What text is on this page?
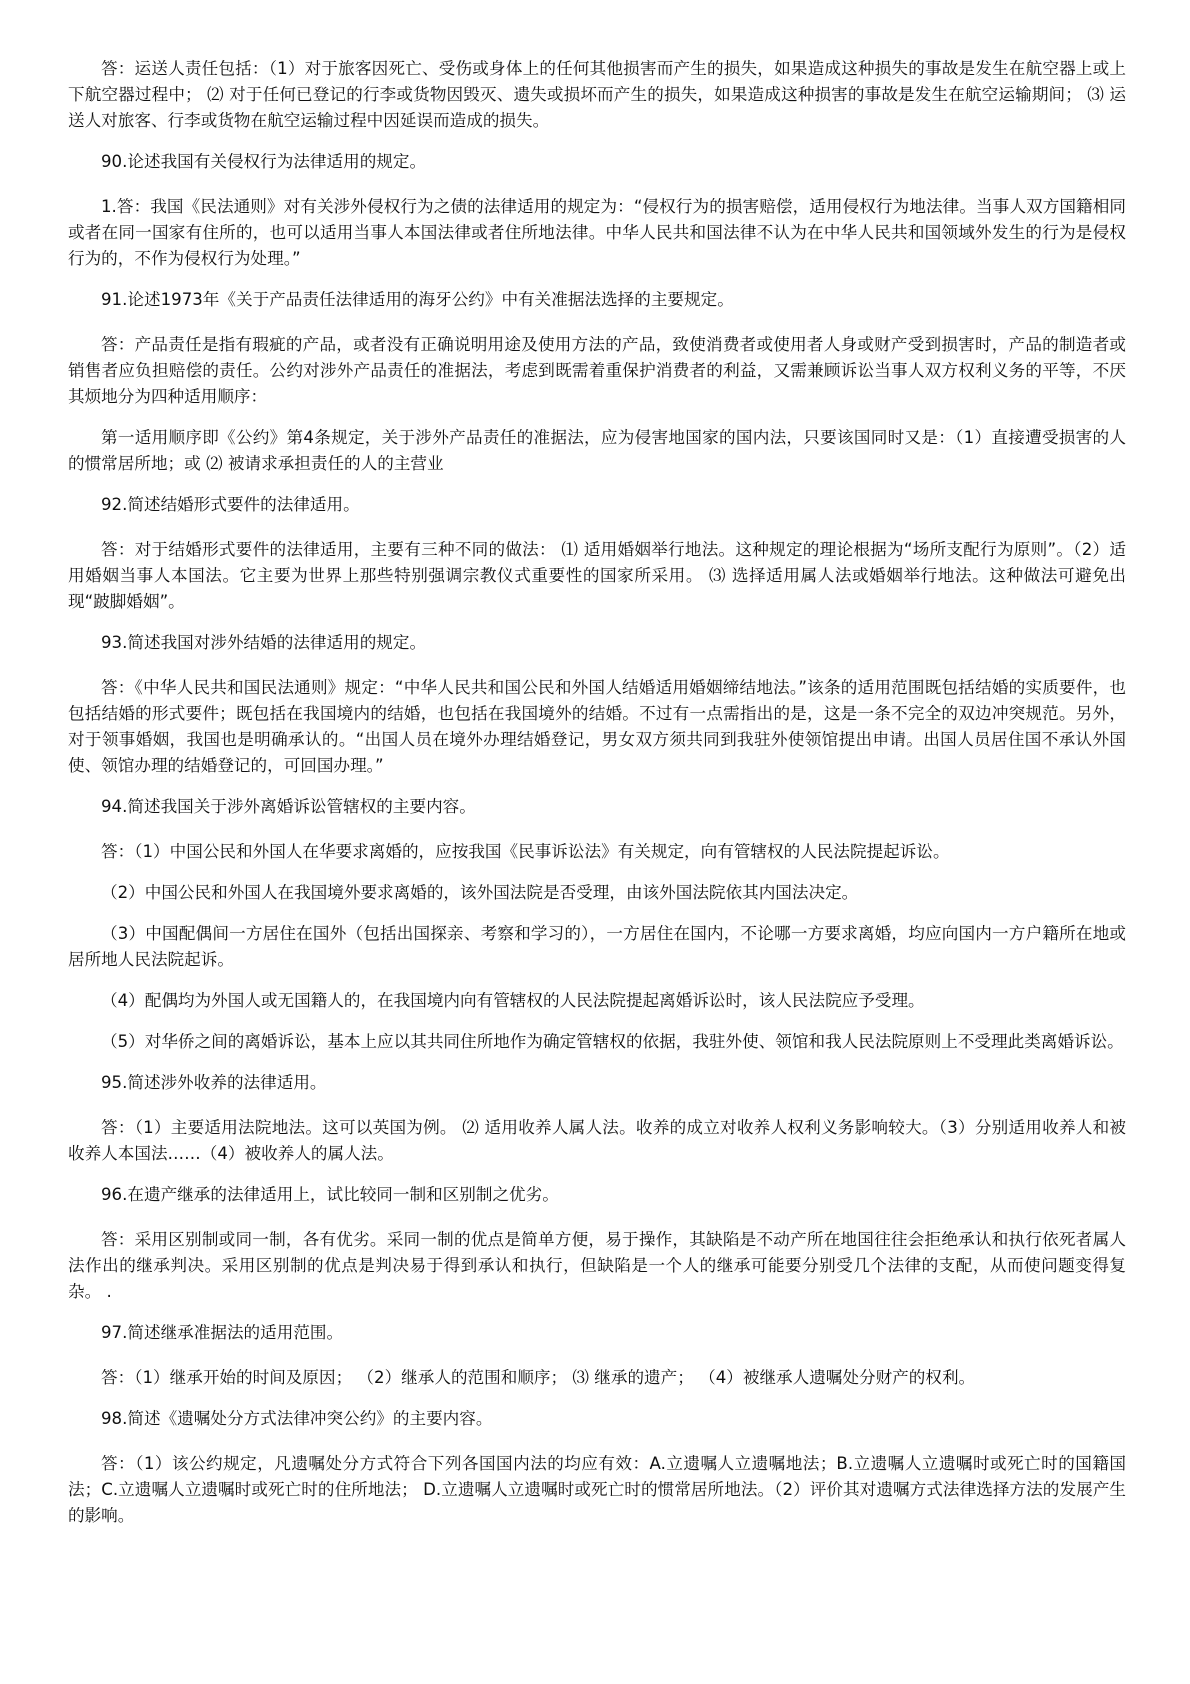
答：运送人责任包括：（1）对于旅客因死亡、受伤或身体上的任何其他损害而产生的损失，如果造成这种损失的事故是发生在航空器上或上下航空器过程中； ⑵ 对于任何已登记的行李或货物因毁灭、遗失或损坏而产生的损失，如果造成这种损害的事故是发生在航空运输期间； ⑶ 运送人对旅客、行李或货物在航空运输过程中因延误而造成的损失。

90.论述我国有关侵权行为法律适用的规定。

1.答：我国《民法通则》对有关涉外侵权行为之债的法律适用的规定为：“侵权行为的损害赔偿，适用侵权行为地法律。当事人双方国籍相同或者在同一国家有住所的，也可以适用当事人本国法律或者住所地法律。中华人民共和国法律不认为在中华人民共和国领域外发生的行为是侵权行为的，不作为侵权行为处理。”

91.论述1973年《关于产品责任法律适用的海牙公约》中有关准据法选择的主要规定。

答：产品责任是指有瑕疵的产品，或者没有正确说明用途及使用方法的产品，致使消费者或使用者人身或财产受到损害时，产品的制造者或销售者应负担赔偿的责任。公约对涉外产品责任的准据法，考虑到既需着重保护消费者的利益，又需兼顾诉讼当事人双方权利义务的平等，不厌其烦地分为四种适用顺序：

第一适用顺序即《公约》第4条规定，关于涉外产品责任的准据法，应为侵害地国家的国内法，只要该国同时又是：（1）直接遭受损害的人的惯常居所地；或 ⑵ 被请求承担责任的人的主营业

92.简述结婚形式要件的法律适用。

答：对于结婚形式要件的法律适用，主要有三种不同的做法： ⑴ 适用婚姻举行地法。这种规定的理论根据为“场所支配行为原则”。（2）适用婚姻当事人本国法。它主要为世界上那些特别强调宗教仪式重要性的国家所采用。 ⑶ 选择适用属人法或婚姻举行地法。这种做法可避免出现“跛脚婚姻”。

93.简述我国对涉外结婚的法律适用的规定。

答：《中华人民共和国民法通则》规定：“中华人民共和国公民和外国人结婚适用婚姻缔结地法。”该条的适用范围既包括结婚的实质要件，也包括结婚的形式要件；既包括在我国境内的结婚，也包括在我国境外的结婚。不过有一点需指出的是，这是一条不完全的双边冲突规范。另外，对于领事婚姻，我国也是明确承认的。“出国人员在境外办理结婚登记，男女双方须共同到我驻外使领馆提出申请。出国人员居住国不承认外国使、领馆办理的结婚登记的，可回国办理。”

94.简述我国关于涉外离婚诉讼管辖权的主要内容。

答：（1）中国公民和外国人在华要求离婚的，应按我国《民事诉讼法》有关规定，向有管辖权的人民法院提起诉讼。

（2）中国公民和外国人在我国境外要求离婚的，该外国法院是否受理，由该外国法院依其内国法决定。

（3）中国配偶间一方居住在国外（包括出国探亲、考察和学习的），一方居住在国内，不论哪一方要求离婚，均应向国内一方户籍所在地或居所地人民法院起诉。

（4）配偶均为外国人或无国籍人的，在我国境内向有管辖权的人民法院提起离婚诉讼时，该人民法院应予受理。

（5）对华侨之间的离婚诉讼，基本上应以其共同住所地作为确定管辖权的依据，我驻外使、领馆和我人民法院原则上不受理此类离婚诉讼。

95.简述涉外收养的法律适用。

答：（1）主要适用法院地法。这可以英国为例。 ⑵ 适用收养人属人法。收养的成立对收养人权利义务影响较大。（3）分别适用收养人和被收养人本国法……（4）被收养人的属人法。

96.在遗产继承的法律适用上，试比较同一制和区别制之优劣。

答：采用区别制或同一制，各有优劣。采同一制的优点是简单方便，易于操作，其缺陷是不动产所在地国往往会拒绝承认和执行依死者属人法作出的继承判决。采用区别制的优点是判决易于得到承认和执行，但缺陷是一个人的继承可能要分别受几个法律的支配，从而使问题变得复杂。 .

97.简述继承准据法的适用范围。

答：（1）继承开始的时间及原因； （2）继承人的范围和顺序； ⑶ 继承的遗产； （4）被继承人遗嘱处分财产的权利。

98.简述《遗嘱处分方式法律冲突公约》的主要内容。

答：（1）该公约规定，凡遗嘱处分方式符合下列各国国内法的均应有效：A.立遗嘱人立遗嘱地法；B.立遗嘱人立遗嘱时或死亡时的国籍国法；C.立遗嘱人立遗嘱时或死亡时的住所地法； D.立遗嘱人立遗嘱时或死亡时的惯常居所地法。（2）评价其对遗嘱方式法律选择方法的发展产生的影响。
